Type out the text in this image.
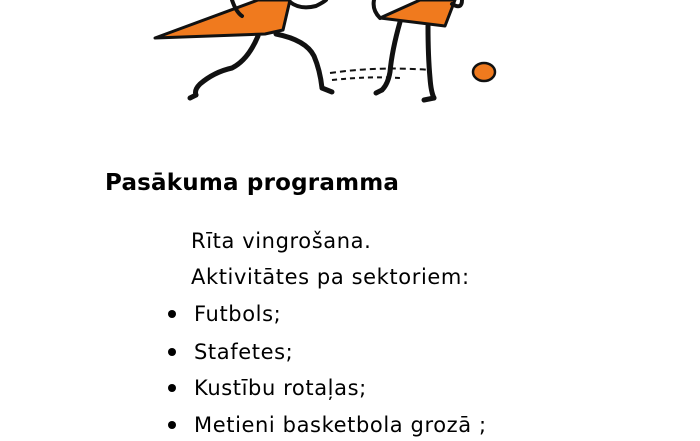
Pasākuma programma

Rīta vingrošana.

Aktivitātes pa sektoriem:

Futbols;
Stafetes;
Kustību rotaļas;
Metieni basketbola grozā ;
